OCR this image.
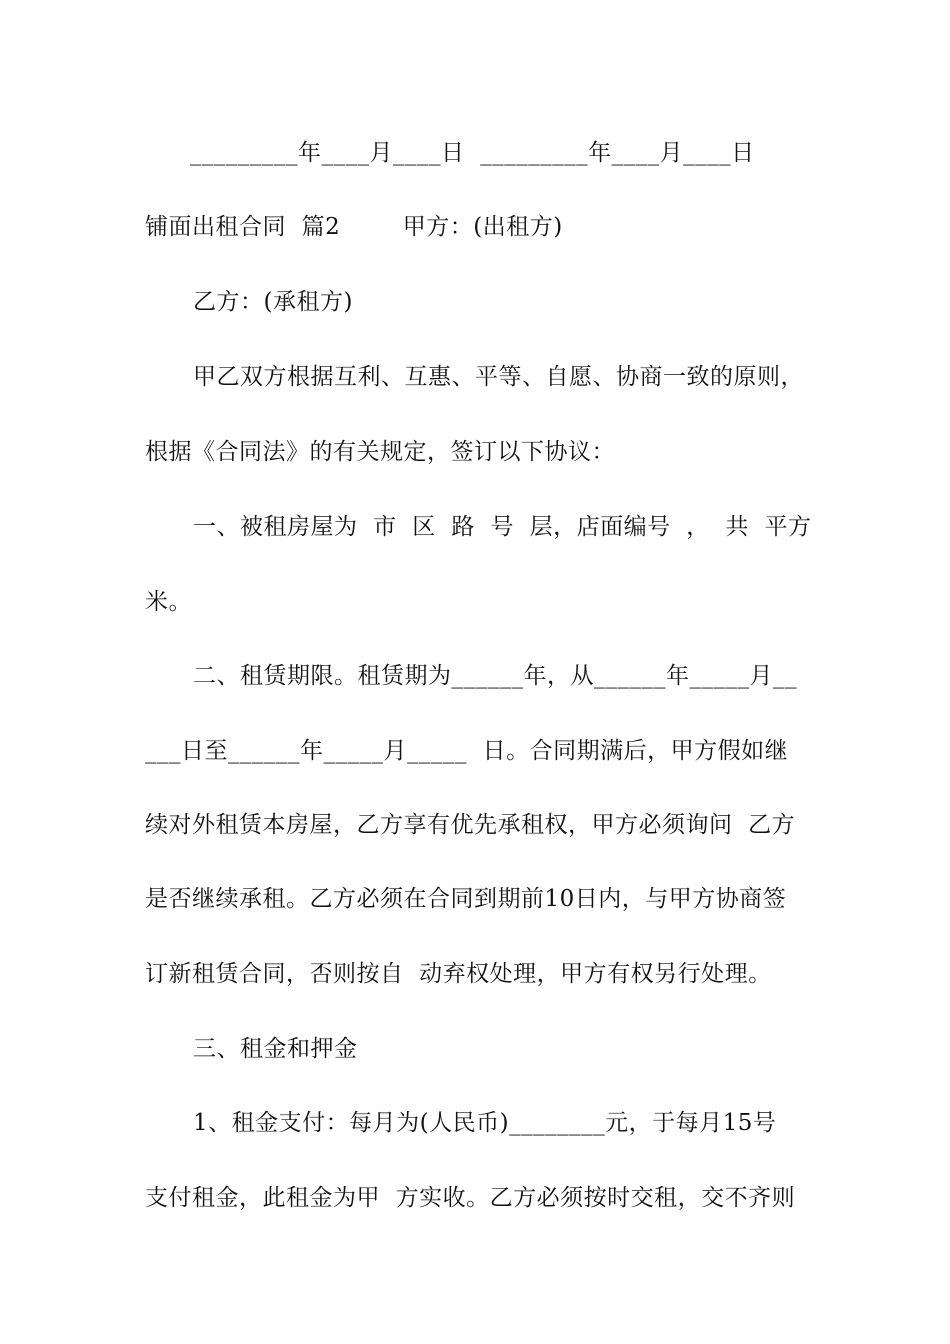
_________年____月____日  _________年____月____日
铺面出租合同  篇2        甲方：(出租方)
乙方：(承租方)
甲乙双方根据互利、互惠、平等、自愿、协商一致的原则，
根据《合同法》的有关规定，签订以下协议：
一、被租房屋为  市  区  路  号  层，店面编号  ，  共  平方
米。
二、租赁期限。租赁期为______年，从______年_____月__
___日至______年_____月_____  日。合同期满后，甲方假如继
续对外租赁本房屋，乙方享有优先承租权，甲方必须询问  乙方
是否继续承租。乙方必须在合同到期前10日内，与甲方协商签
订新租赁合同，否则按自  动弃权处理，甲方有权另行处理。
三、租金和押金
1、租金支付：每月为(人民币)________元，于每月15号
支付租金，此租金为甲  方实收。乙方必须按时交租，交不齐则
